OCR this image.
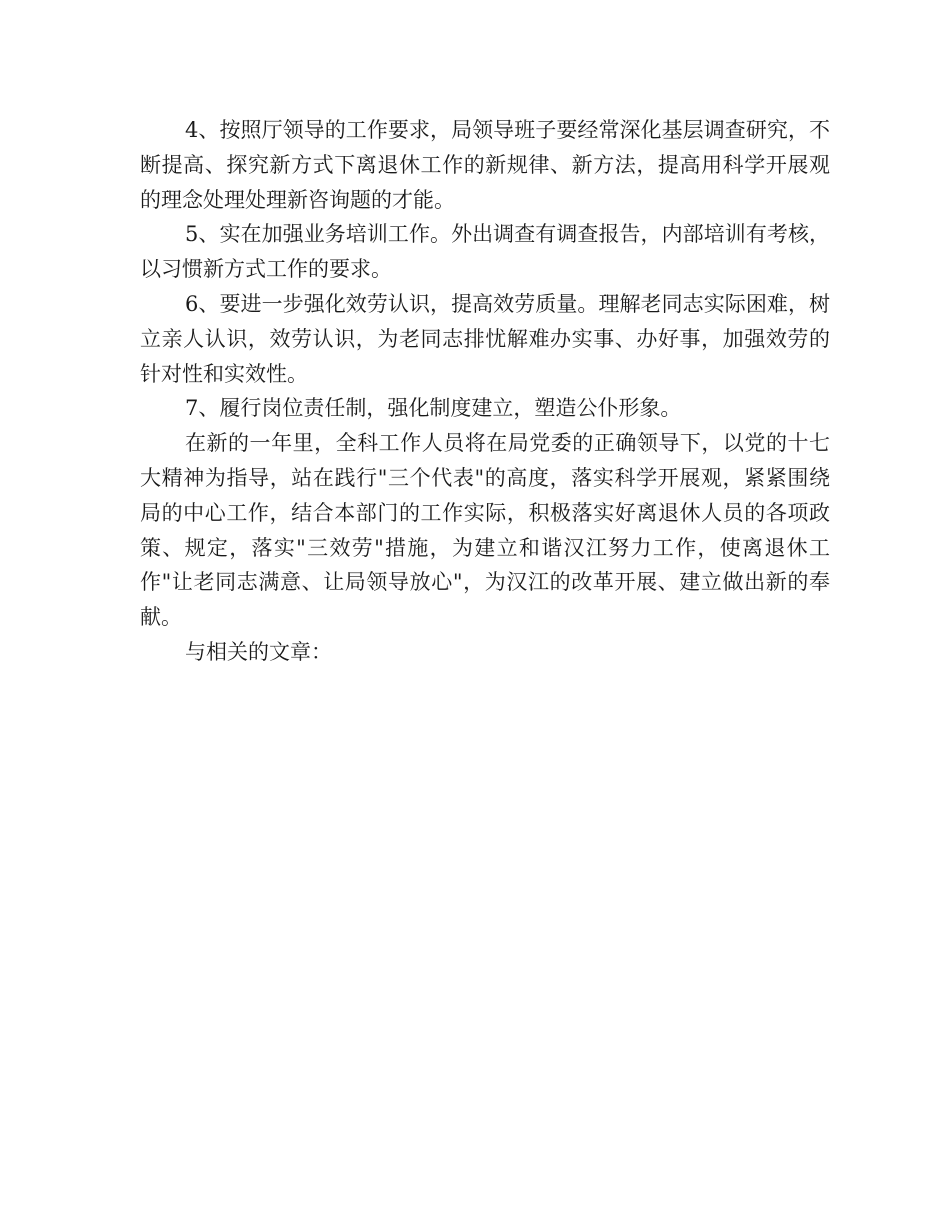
4、按照厅领导的工作要求，局领导班子要经常深化基层调查研究，不断提高、探究新方式下离退休工作的新规律、新方法，提高用科学开展观的理念处理处理新咨询题的才能。

5、实在加强业务培训工作。外出调查有调查报告，内部培训有考核，以习惯新方式工作的要求。

6、要进一步强化效劳认识，提高效劳质量。理解老同志实际困难，树立亲人认识，效劳认识，为老同志排忧解难办实事、办好事，加强效劳的针对性和实效性。

7、履行岗位责任制，强化制度建立，塑造公仆形象。

在新的一年里，全科工作人员将在局党委的正确领导下，以党的十七大精神为指导，站在践行"三个代表"的高度，落实科学开展观，紧紧围绕局的中心工作，结合本部门的工作实际，积极落实好离退休人员的各项政策、规定，落实"三效劳"措施，为建立和谐汉江努力工作，使离退休工作"让老同志满意、让局领导放心"，为汉江的改革开展、建立做出新的奉献。

与相关的文章：
